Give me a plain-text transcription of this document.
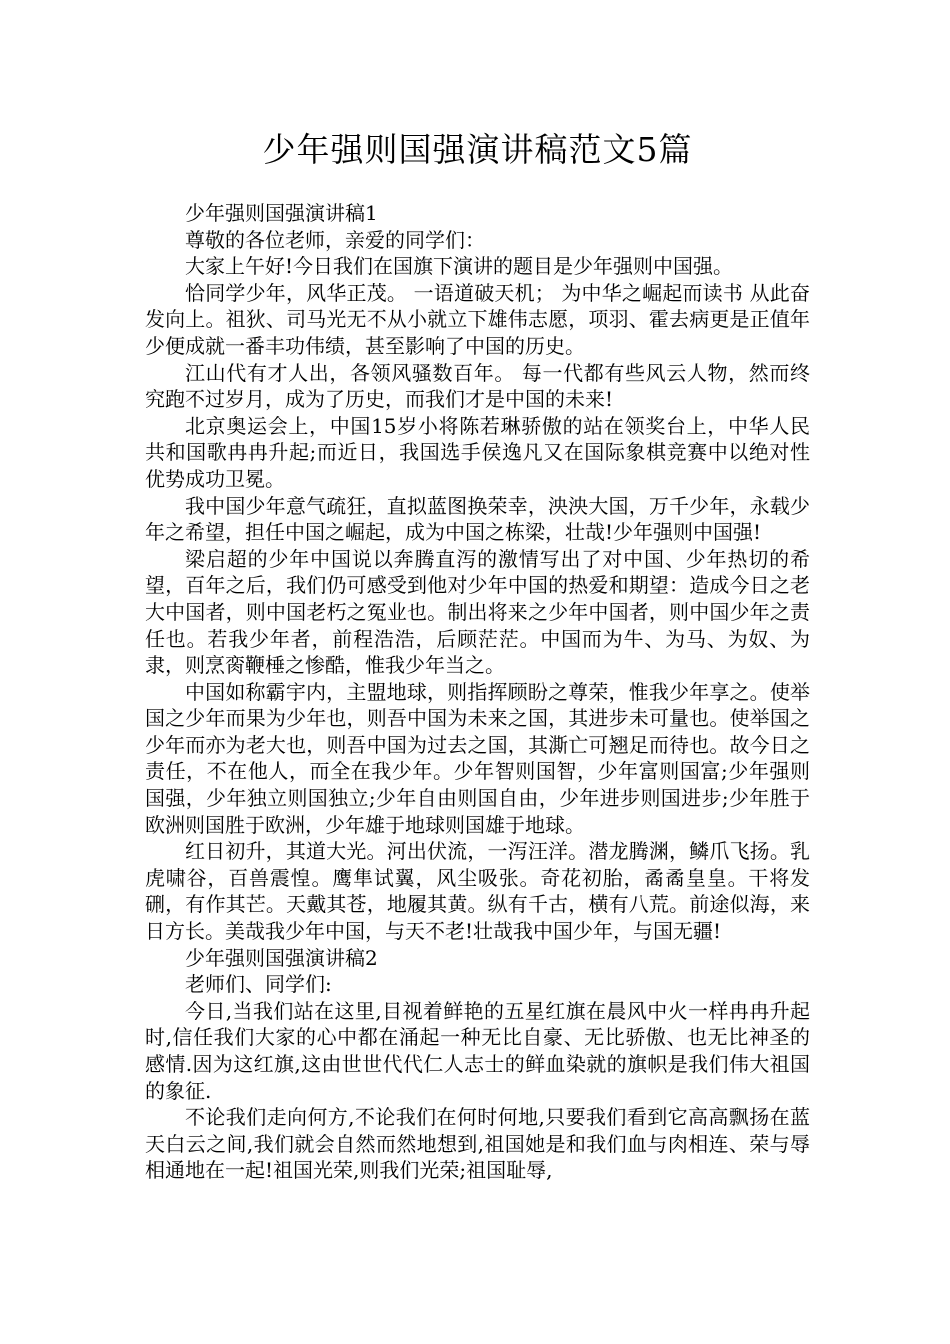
少年强则国强演讲稿范文5篇

少年强则国强演讲稿1

尊敬的各位老师，亲爱的同学们：

大家上午好!今日我们在国旗下演讲的题目是少年强则中国强。

恰同学少年，风华正茂。 一语道破天机； 为中华之崛起而读书 从此奋发向上。祖狄、司马光无不从小就立下雄伟志愿，项羽、霍去病更是正值年少便成就一番丰功伟绩，甚至影响了中国的历史。

江山代有才人出，各领风骚数百年。 每一代都有些风云人物，然而终究跑不过岁月，成为了历史，而我们才是中国的未来!

北京奥运会上，中国15岁小将陈若琳骄傲的站在领奖台上，中华人民共和国歌冉冉升起;而近日，我国选手侯逸凡又在国际象棋竞赛中以绝对性优势成功卫冕。

我中国少年意气疏狂，直拟蓝图换荣幸，泱泱大国，万千少年，永载少年之希望，担任中国之崛起，成为中国之栋梁，壮哉!少年强则中国强!

梁启超的少年中国说以奔腾直泻的激情写出了对中国、少年热切的希望，百年之后，我们仍可感受到他对少年中国的热爱和期望：造成今日之老大中国者，则中国老朽之冤业也。制出将来之少年中国者，则中国少年之责任也。若我少年者，前程浩浩，后顾茫茫。中国而为牛、为马、为奴、为隶，则烹脔鞭棰之惨酷，惟我少年当之。

中国如称霸宇内，主盟地球，则指挥顾盼之尊荣，惟我少年享之。使举国之少年而果为少年也，则吾中国为未来之国，其进步未可量也。使举国之少年而亦为老大也，则吾中国为过去之国，其澌亡可翘足而待也。故今日之责任，不在他人，而全在我少年。少年智则国智，少年富则国富;少年强则国强，少年独立则国独立;少年自由则国自由，少年进步则国进步;少年胜于欧洲则国胜于欧洲，少年雄于地球则国雄于地球。

红日初升，其道大光。河出伏流，一泻汪洋。潜龙腾渊，鳞爪飞扬。乳虎啸谷，百兽震惶。鹰隼试翼，风尘吸张。奇花初胎，矞矞皇皇。干将发硎，有作其芒。天戴其苍，地履其黄。纵有千古，横有八荒。前途似海，来日方长。美哉我少年中国，与天不老!壮哉我中国少年，与国无疆!

少年强则国强演讲稿2

老师们、同学们:

今日,当我们站在这里,目视着鲜艳的五星红旗在晨风中火一样冉冉升起时,信任我们大家的心中都在涌起一种无比自豪、无比骄傲、也无比神圣的感情.因为这红旗,这由世世代代仁人志士的鲜血染就的旗帜是我们伟大祖国的象征.

不论我们走向何方,不论我们在何时何地,只要我们看到它高高飘扬在蓝天白云之间,我们就会自然而然地想到,祖国她是和我们血与肉相连、荣与辱相通地在一起!祖国光荣,则我们光荣;祖国耻辱,
